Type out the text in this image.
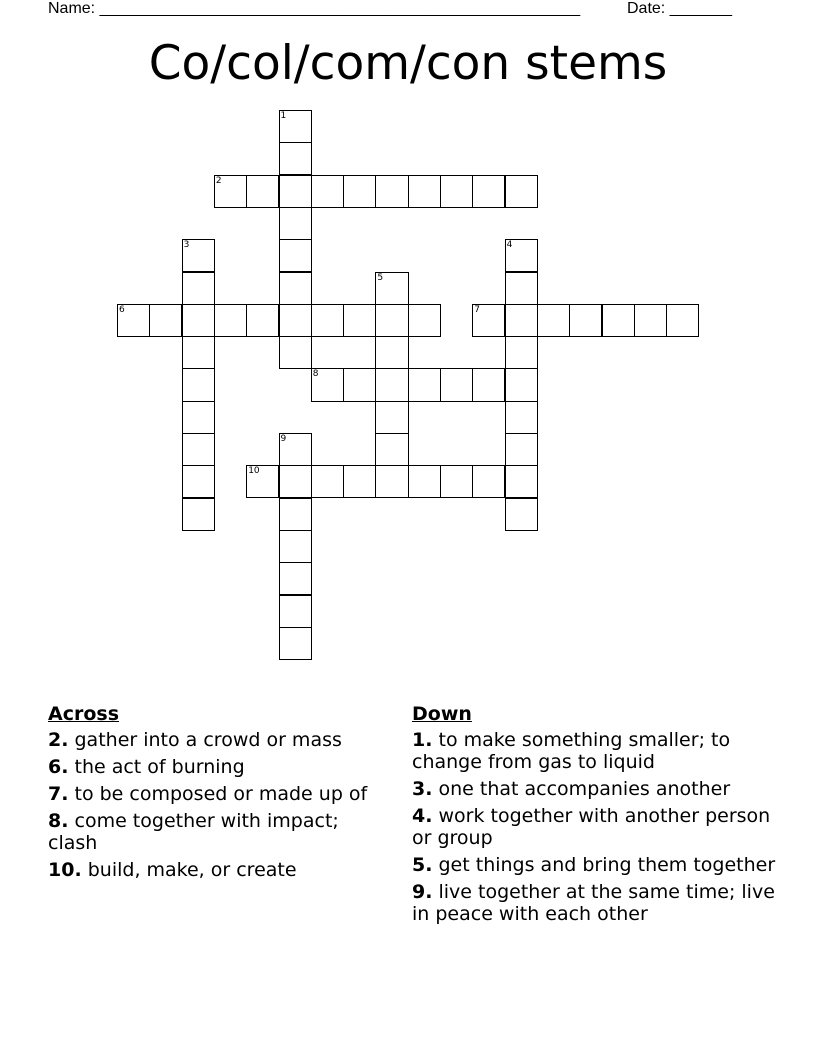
Name: ______________________________________________________	Date: _______
Co/col/com/con stems
1
2
3	4
5
6	7
8
9
10
Across
2. gather into a crowd or mass
6. the act of burning
7. to be composed or made up of
8. come together with impact; clash
10. build, make, or create
Down
1. to make something smaller; to change from gas to liquid
3. one that accompanies another
4. work together with another person or group
5. get things and bring them together
9. live together at the same time; live in peace with each other
